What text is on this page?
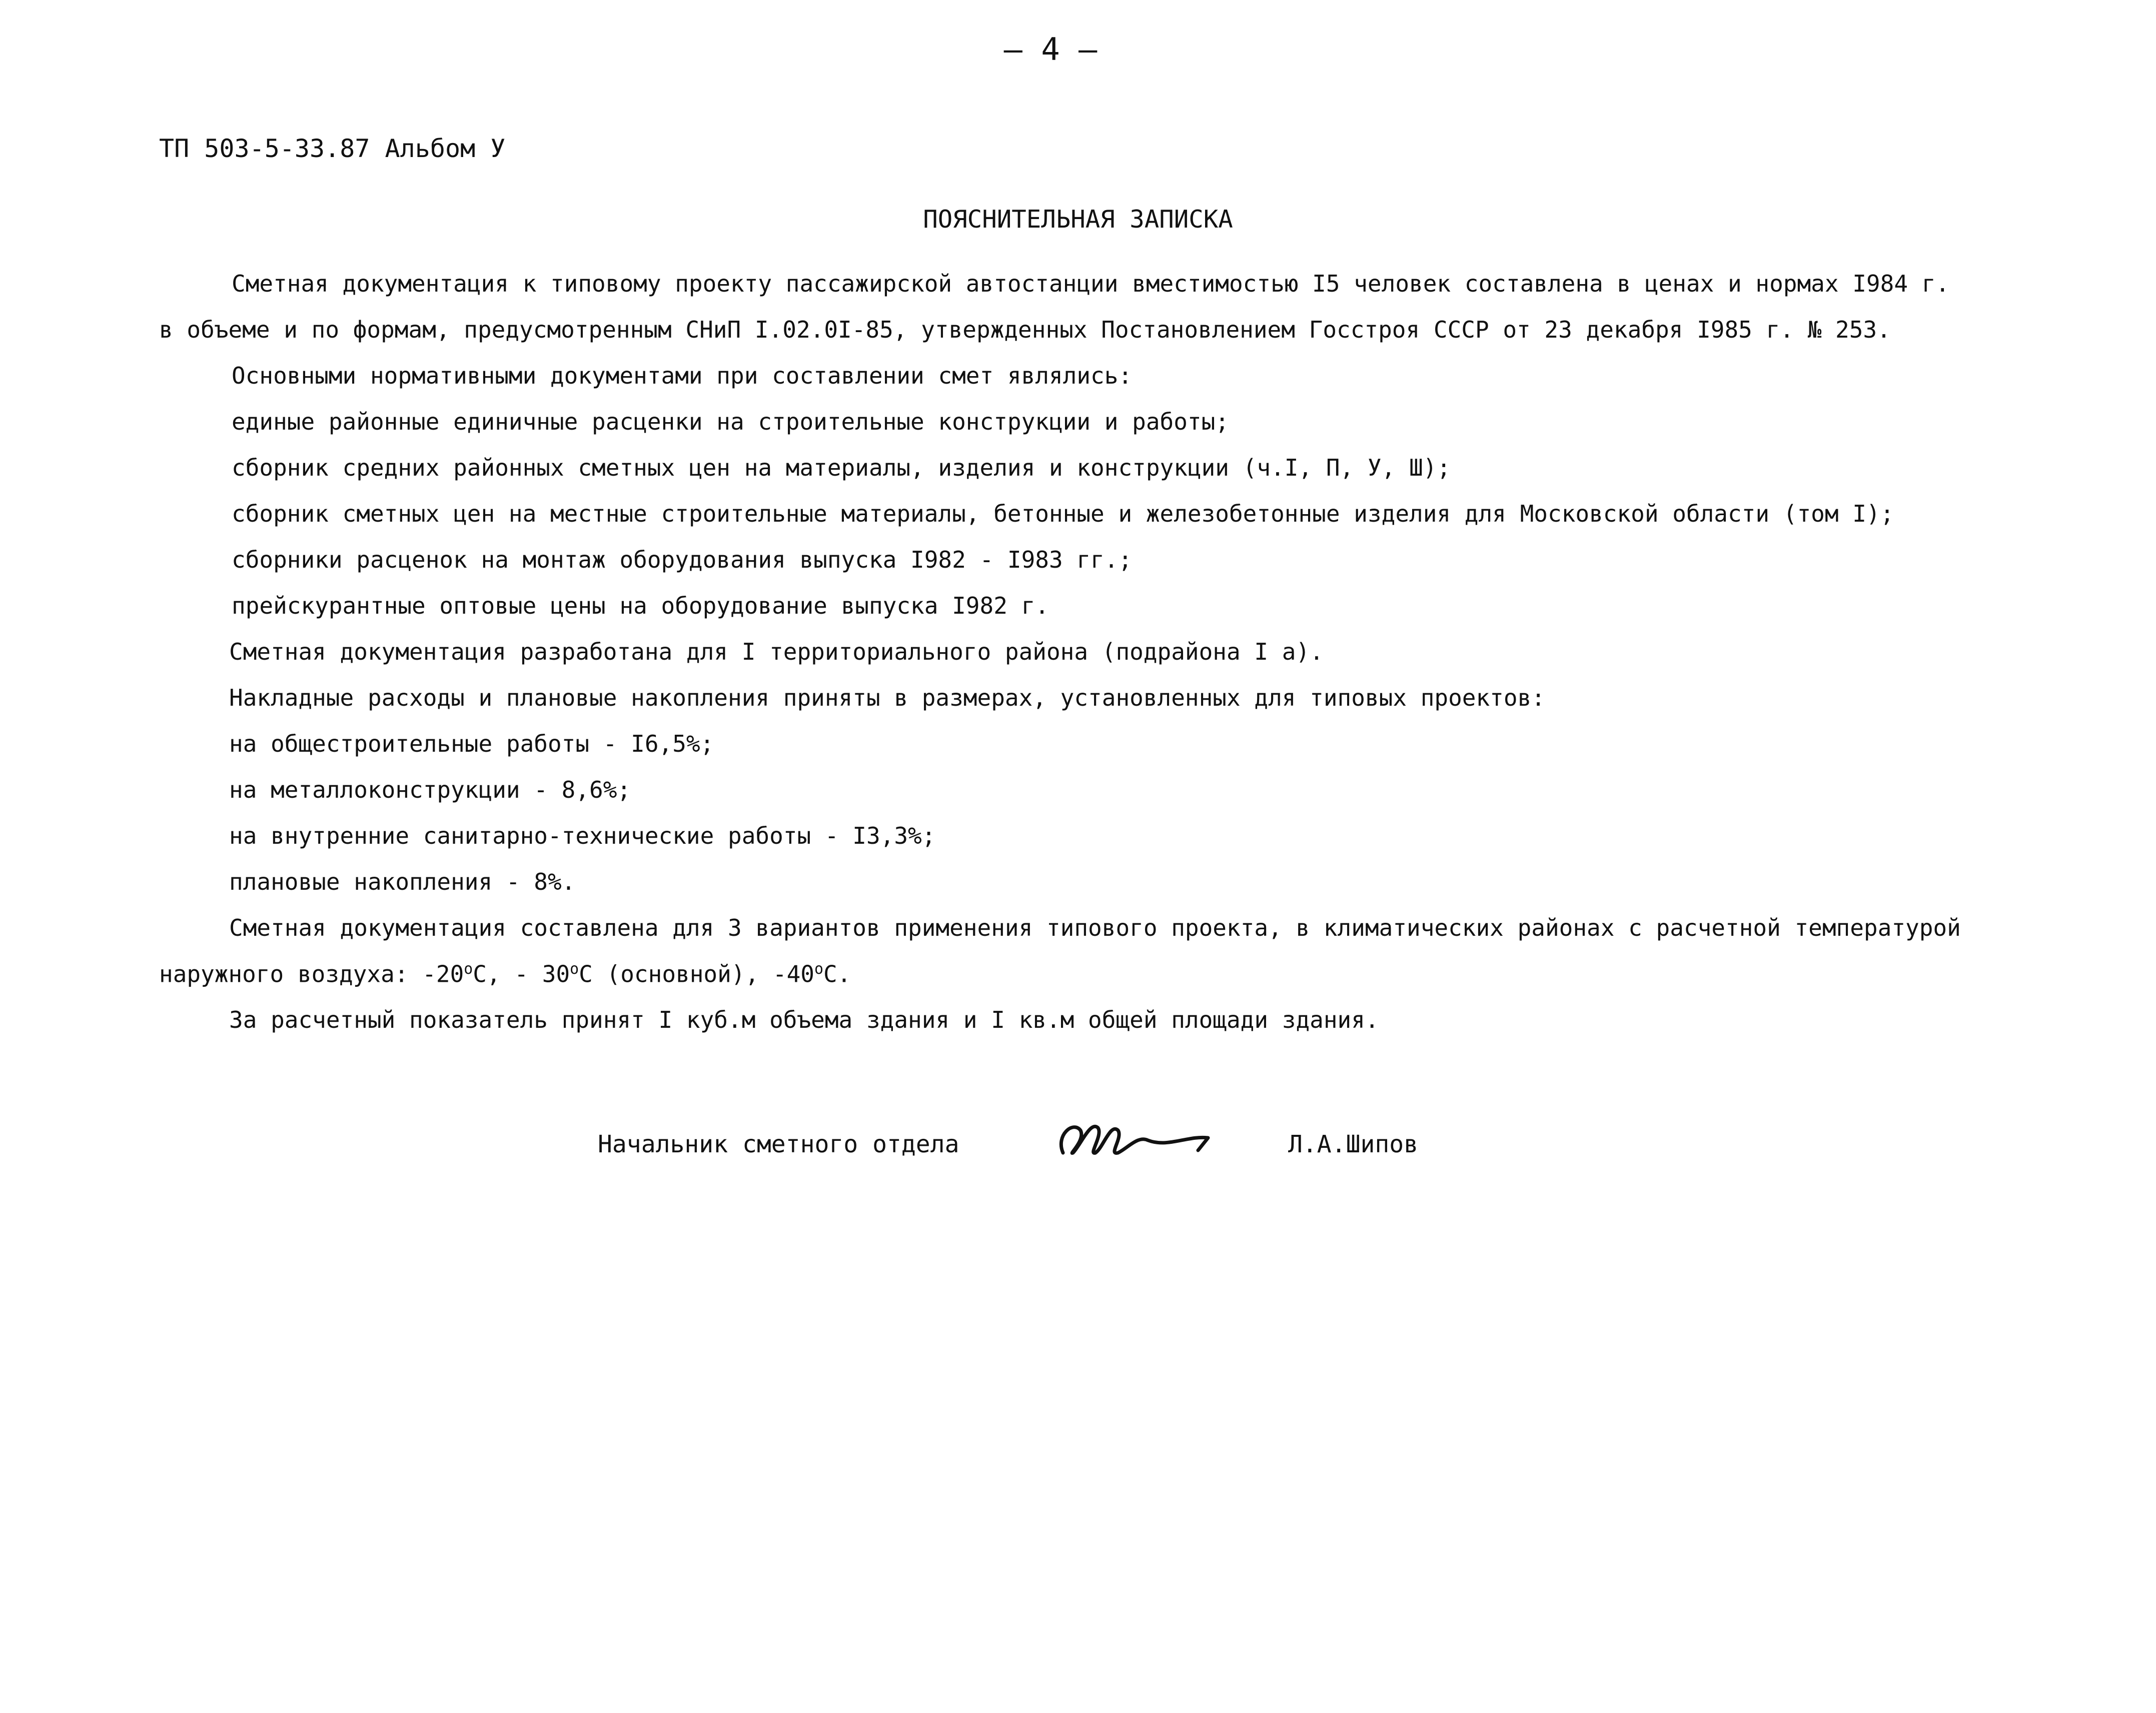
– 4 –
ТП 503-5-33.87 Альбом У
ПОЯСНИТЕЛЬНАЯ ЗАПИСКА
Сметная документация к типовому проекту пассажирской автостанции вместимостью I5 человек составлена в ценах и нормах I984 г.
в объеме и по формам, предусмотренным СНиП I.02.0I-85, утвержденных Постановлением Госстроя СССР от 23 декабря I985 г. № 253.
Основными нормативными документами при составлении смет являлись:
единые районные единичные расценки на строительные конструкции и работы;
сборник средних районных сметных цен на материалы, изделия и конструкции (ч.I, П, У, Ш);
сборник сметных цен на местные строительные материалы, бетонные и железобетонные изделия для Московской области (том I);
сборники расценок на монтаж оборудования выпуска I982 - I983 гг.;
прейскурантные оптовые цены на оборудование выпуска I982 г.
Сметная документация разработана для I территориального района (подрайона I а).
Накладные расходы и плановые накопления приняты в размерах, установленных для типовых проектов:
на общестроительные работы - I6,5%;
на металлоконструкции - 8,6%;
на внутренние санитарно-технические работы - I3,3%;
плановые накопления - 8%.
Сметная документация составлена для 3 вариантов применения типового проекта, в климатических районах с расчетной температурой
наружного воздуха: $-20^оС$, - $30^оС$ (основной), $-40^оС$.
За расчетный показатель принят I куб.м объема здания и I кв.м общей площади здания.
Начальник сметного отдела	Л.А.Шипов
